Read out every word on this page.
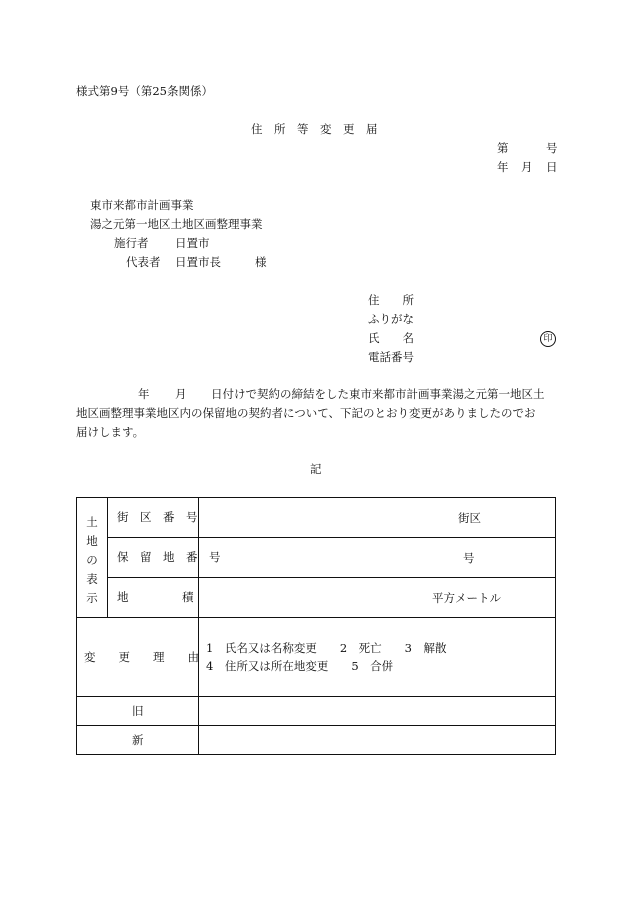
様式第9号（第25条関係）
住　所　等　変　更　届
第	号
年 月 日
東市来都市計画事業
湯之元第一地区土地区画整理事業
施行者 日置市
代表者 日置市長	様
住　　所
ふりがな
氏　　名	印
電話番号
年 月 日付けで契約の締結をした東市来都市計画事業湯之元第一地区土
地区画整理事業地区内の保留地の契約者について、下記のとおり変更がありましたのでお
届けします。
記
土
地
の
表
示
街　区　番　号	街区
保　留　地　番　号	号
地	積	平方メートル
変　　更　　理　　由
1　氏名又は名称変更　　2　死亡　　3　解散
4　住所又は所在地変更　　5　合併
旧
新
